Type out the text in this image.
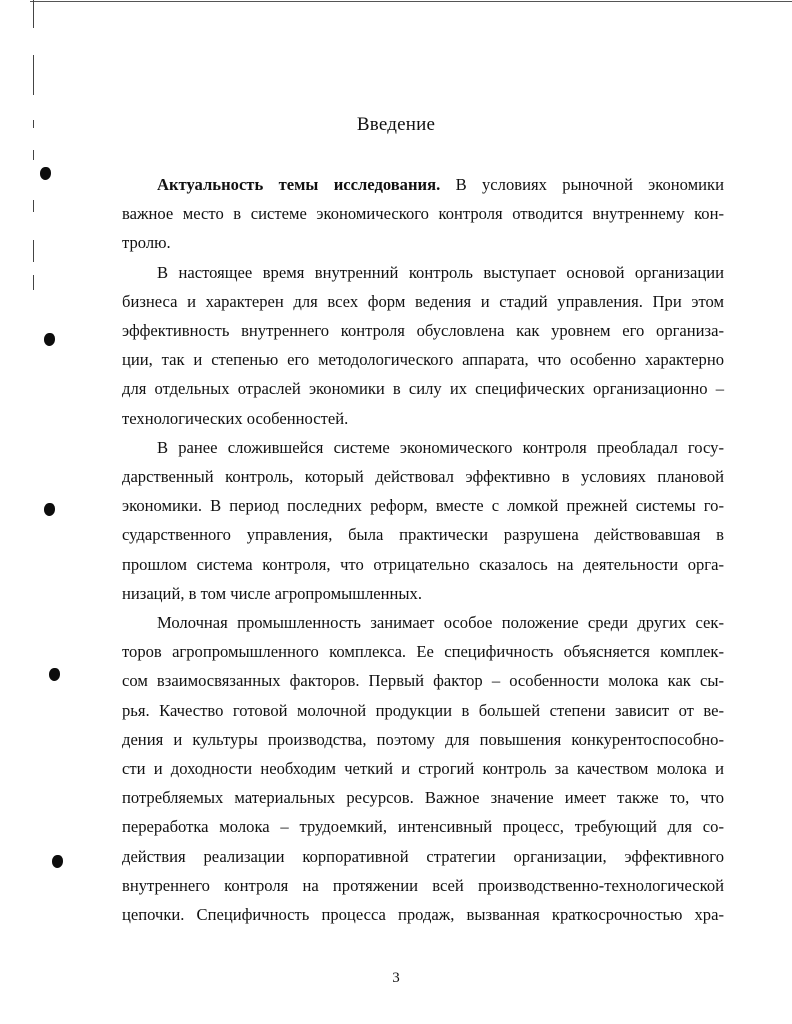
Введение

Актуальность темы исследования. В условиях рыночной экономики
важное место в системе экономического контроля отводится внутреннему кон-
тролю.

В настоящее время внутренний контроль выступает основой организации
бизнеса и характерен для всех форм ведения и стадий управления. При этом
эффективность внутреннего контроля обусловлена как уровнем его организа-
ции, так и степенью его методологического аппарата, что особенно характерно
для отдельных отраслей экономики в силу их специфических организационно –
технологических особенностей.

В ранее сложившейся системе экономического контроля преобладал госу-
дарственный контроль, который действовал эффективно в условиях плановой
экономики. В период последних реформ, вместе с ломкой прежней системы го-
сударственного управления, была практически разрушена действовавшая в
прошлом система контроля, что отрицательно сказалось на деятельности орга-
низаций, в том числе агропромышленных.

Молочная промышленность занимает особое положение среди других сек-
торов агропромышленного комплекса. Ее специфичность объясняется комплек-
сом взаимосвязанных факторов. Первый фактор – особенности молока как сы-
рья. Качество готовой молочной продукции в большей степени зависит от ве-
дения и культуры производства, поэтому для повышения конкурентоспособно-
сти и доходности необходим четкий и строгий контроль за качеством молока и
потребляемых материальных ресурсов. Важное значение имеет также то, что
переработка молока – трудоемкий, интенсивный процесс, требующий для со-
действия реализации корпоративной стратегии организации, эффективного
внутреннего контроля на протяжении всей производственно-технологической
цепочки. Специфичность процесса продаж, вызванная краткосрочностью хра-

3
